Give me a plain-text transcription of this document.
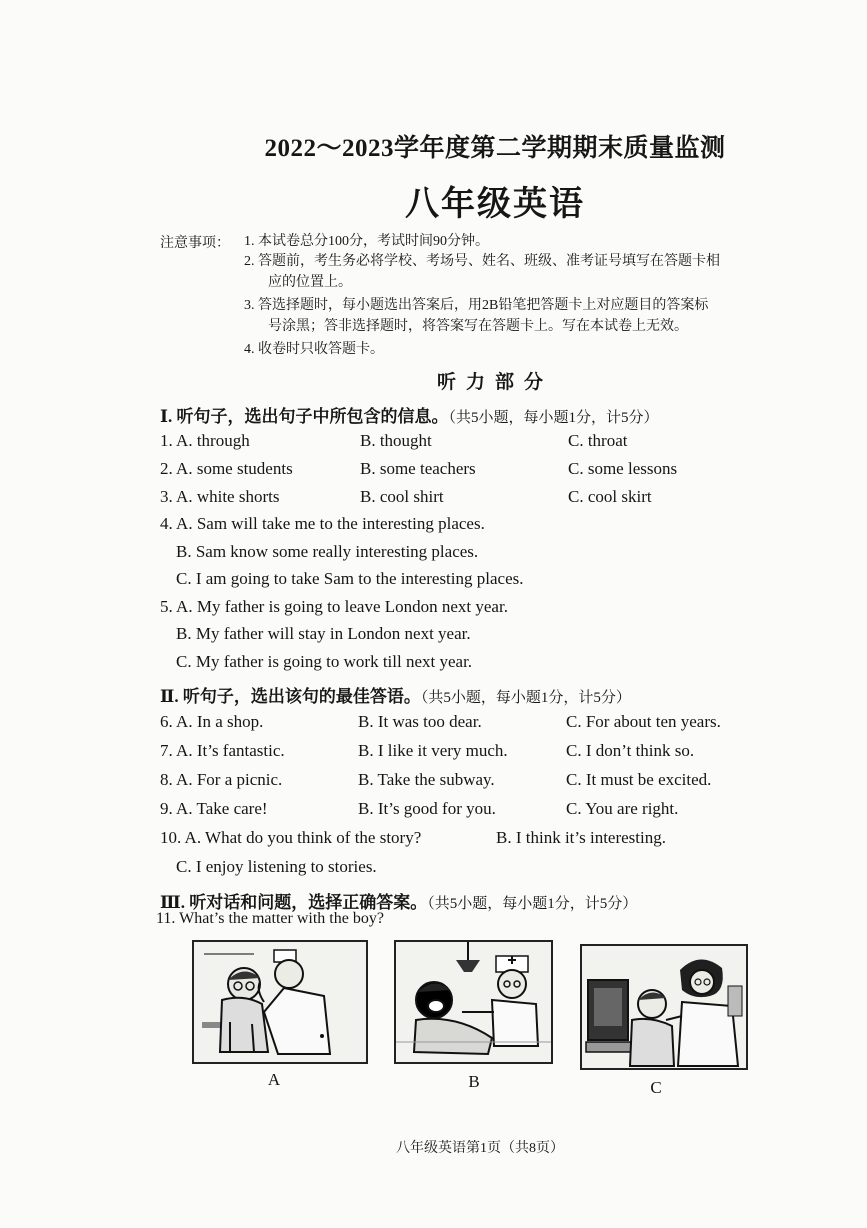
2022～2023学年度第二学期期末质量监测
八年级英语
注意事项： 1. 本试卷总分100分，考试时间90分钟。
2. 答题前，考生务必将学校、考场号、姓名、班级、准考证号填写在答题卡相
应的位置上。
3. 答选择题时，每小题选出答案后，用2B铅笔把答题卡上对应题目的答案标
号涂黑；答非选择题时，将答案写在答题卡上。写在本试卷上无效。
4. 收卷时只收答题卡。
听力部分
Ⅰ. 听句子，选出句子中所包含的信息。（共5小题，每小题1分，计5分）
1. A. through	B. thought	C. throat
2. A. some students	B. some teachers	C. some lessons
3. A. white shorts	B. cool shirt	C. cool skirt
4. A. Sam will take me to the interesting places.
B. Sam know some really interesting places.
C. I am going to take Sam to the interesting places.
5. A. My father is going to leave London next year.
B. My father will stay in London next year.
C. My father is going to work till next year.
Ⅱ. 听句子，选出该句的最佳答语。（共5小题，每小题1分，计5分）
6. A. In a shop.	B. It was too dear.	C. For about ten years.
7. A. It’s fantastic.	B. I like it very much.	C. I don’t think so.
8. A. For a picnic.	B. Take the subway.	C. It must be excited.
9. A. Take care!	B. It’s good for you.	C. You are right.
10. A. What do you think of the story?	B. I think it’s interesting.
C. I enjoy listening to stories.
Ⅲ. 听对话和问题，选择正确答案。（共5小题，每小题1分，计5分）
11. What’s the matter with the boy?
A	B	C
八年级英语第1页（共8页）
